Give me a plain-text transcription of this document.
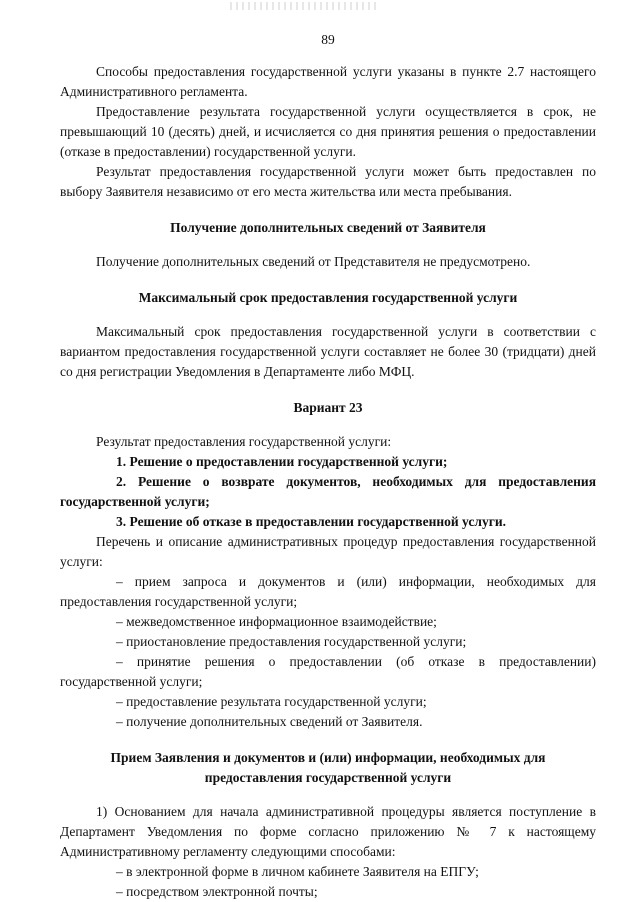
89

Способы предоставления государственной услуги указаны в пункте 2.7 настоящего Административного регламента.

Предоставление результата государственной услуги осуществляется в срок, не превышающий 10 (десять) дней, и исчисляется со дня принятия решения о предоставлении (отказе в предоставлении) государственной услуги.

Результат предоставления государственной услуги может быть предоставлен по выбору Заявителя независимо от его места жительства или места пребывания.

Получение дополнительных сведений от Заявителя

Получение дополнительных сведений от Представителя не предусмотрено.

Максимальный срок предоставления государственной услуги

Максимальный срок предоставления государственной услуги в соответствии с вариантом предоставления государственной услуги составляет не более 30 (тридцати) дней со дня регистрации Уведомления в Департаменте либо МФЦ.

Вариант 23

Результат предоставления государственной услуги:

1. Решение о предоставлении государственной услуги;

2. Решение о возврате документов, необходимых для предоставления государственной услуги;

3. Решение об отказе в предоставлении государственной услуги.

Перечень и описание административных процедур предоставления государственной услуги:

– прием запроса и документов и (или) информации, необходимых для предоставления государственной услуги;

– межведомственное информационное взаимодействие;

– приостановление предоставления государственной услуги;

– принятие решения о предоставлении (об отказе в предоставлении) государственной услуги;

– предоставление результата государственной услуги;

– получение дополнительных сведений от Заявителя.

Прием Заявления и документов и (или) информации, необходимых для предоставления государственной услуги

1) Основанием для начала административной процедуры является поступление в Департамент Уведомления по форме согласно приложению № 7 к настоящему Административному регламенту следующими способами:

– в электронной форме в личном кабинете Заявителя на ЕПГУ;

– посредством электронной почты;
